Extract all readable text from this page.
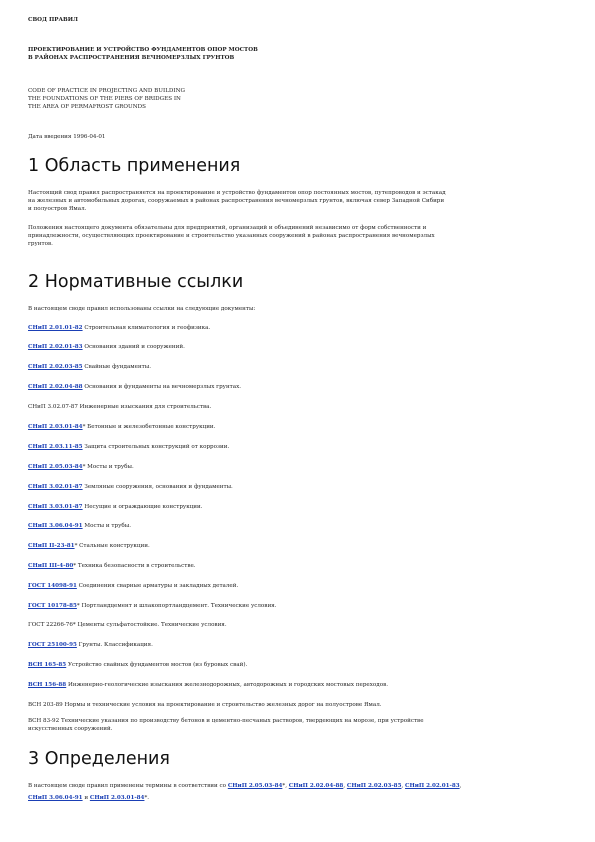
СВОД ПРАВИЛ
ПРОЕКТИРОВАНИЕ И УСТРОЙСТВО ФУНДАМЕНТОВ ОПОР МОСТОВ
В РАЙОНАХ РАСПРОСТРАНЕНИЯ ВЕЧНОМЕРЗЛЫХ ГРУНТОВ
CODE OF PRACTICE IN PROJECTING AND BUILDING
THE FOUNDATIONS OF THE PIERS OF BRIDGES IN
THE AREA OF PERMAFROST GROUNDS
Дата введения 1996-04-01
1 Область применения
Настоящий свод правил распространяется на проектирование и устройство фундаментов опор постоянных мостов, путепроводов и эстакад
на железных и автомобильных дорогах, сооружаемых в районах распространения вечномерзлых грунтов, включая север Западной Сибири
и полуостров Ямал.
Положения настоящего документа обязательны для предприятий, организаций и объединений независимо от форм собственности и
принадлежности, осуществляющих проектирование и строительство указанных сооружений в районах распространения вечномерзлых
грунтов.
2 Нормативные ссылки
В настоящем своде правил использованы ссылки на следующие документы:
СНиП 2.01.01-82 Строительная климатология и геофизика.
СНиП 2.02.01-83 Основания зданий и сооружений.
СНиП 2.02.03-85 Свайные фундаменты.
СНиП 2.02.04-88 Основания и фундаменты на вечномерзлых грунтах.
СНиП 3.02.07-87 Инженерные изыскания для строительства.
СНиП 2.03.01-84* Бетонные и железобетонные конструкции.
СНиП 2.03.11-85 Защита строительных конструкций от коррозии.
СНиП 2.05.03-84* Мосты и трубы.
СНиП 3.02.01-87 Земляные сооружения, основания и фундаменты.
СНиП 3.03.01-87 Несущие и ограждающие конструкции.
СНиП 3.06.04-91 Мосты и трубы.
СНиП II-23-81* Стальные конструкции.
СНиП III-4-80* Техника безопасности в строительстве.
ГОСТ 14098-91 Соединения сварные арматуры и закладных деталей.
ГОСТ 10178-85* Портландцемент и шлакопортландцемент. Технические условия.
ГОСТ 22266-76* Цементы сульфатостойкие. Технические условия.
ГОСТ 25100-95 Грунты. Классификация.
ВСН 165-85 Устройство свайных фундаментов мостов (из буровых свай).
ВСН 156-88 Инженерно-геологические изыскания железнодорожных, автодорожных и городских мостовых переходов.
ВСН 203-89 Нормы и технические условия на проектирование и строительство железных дорог на полуострове Ямал.
ВСН 83-92 Технические указания по производству бетонов и цементно-песчаных растворов, твердеющих на морозе, при устройстве
искусственных сооружений.
3 Определения
В настоящем своде правил применены термины в соответствии со СНиП 2.05.03-84*, СНиП 2.02.04-88, СНиП 2.02.03-85, СНиП 2.02.01-83,
СНиП 3.06.04-91 и СНиП 2.03.01-84*.
